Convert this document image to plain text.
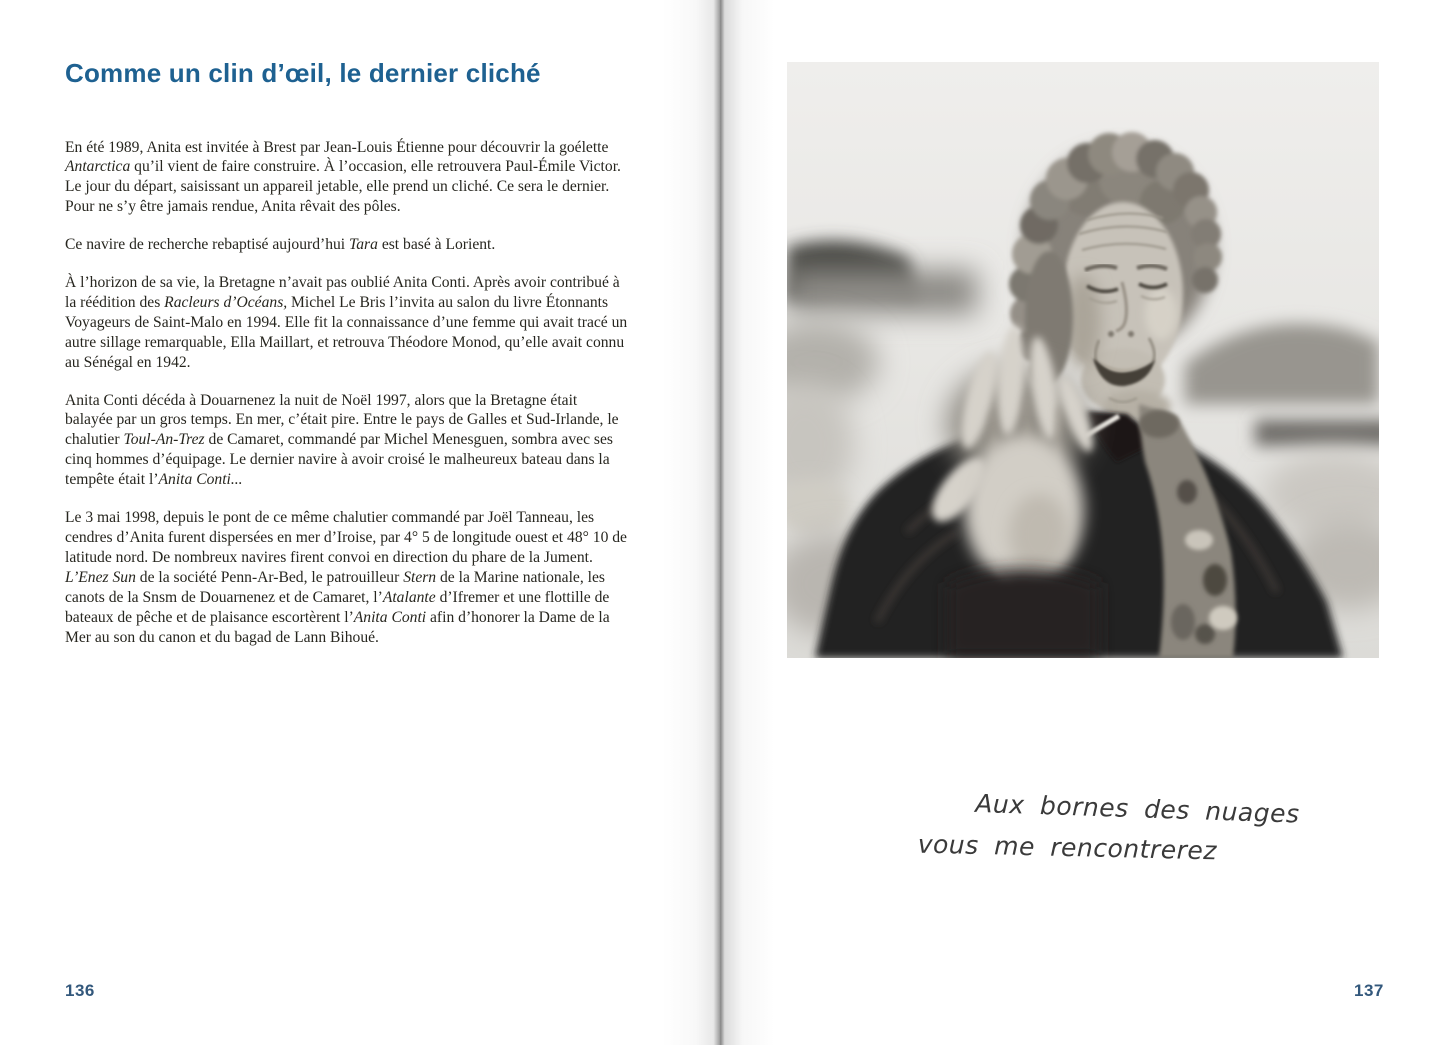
Comme un clin d’œil, le dernier cliché

En été 1989, Anita est invitée à Brest par Jean-Louis Étienne pour découvrir la goélette Antarctica qu’il vient de faire construire. À l’occasion, elle retrouvera Paul-Émile Victor. Le jour du départ, saisissant un appareil jetable, elle prend un cliché. Ce sera le dernier. Pour ne s’y être jamais rendue, Anita rêvait des pôles.

Ce navire de recherche rebaptisé aujourd’hui Tara est basé à Lorient.

À l’horizon de sa vie, la Bretagne n’avait pas oublié Anita Conti. Après avoir contribué à la réédition des Racleurs d’Océans, Michel Le Bris l’invita au salon du livre Étonnants Voyageurs de Saint-Malo en 1994. Elle fit la connaissance d’une femme qui avait tracé un autre sillage remarquable, Ella Maillart, et retrouva Théodore Monod, qu’elle avait connu au Sénégal en 1942.

Anita Conti décéda à Douarnenez la nuit de Noël 1997, alors que la Bretagne était balayée par un gros temps. En mer, c’était pire. Entre le pays de Galles et Sud-Irlande, le chalutier Toul-An-Trez de Camaret, commandé par Michel Menesguen, sombra avec ses cinq hommes d’équipage. Le dernier navire à avoir croisé le malheureux bateau dans la tempête était l’Anita Conti...

Le 3 mai 1998, depuis le pont de ce même chalutier commandé par Joël Tanneau, les cendres d’Anita furent dispersées en mer d’Iroise, par 4° 5 de longitude ouest et 48° 10 de latitude nord. De nombreux navires firent convoi en direction du phare de la Jument. L’Enez Sun de la société Penn-Ar-Bed, le patrouilleur Stern de la Marine nationale, les canots de la Snsm de Douarnenez et de Camaret, l’Atalante d’Ifremer et une flottille de bateaux de pêche et de plaisance escortèrent l’Anita Conti afin d’honorer la Dame de la Mer au son du canon et du bagad de Lann Bihoué.

136
Aux bornes des nuages
vous me rencontrerez
137
